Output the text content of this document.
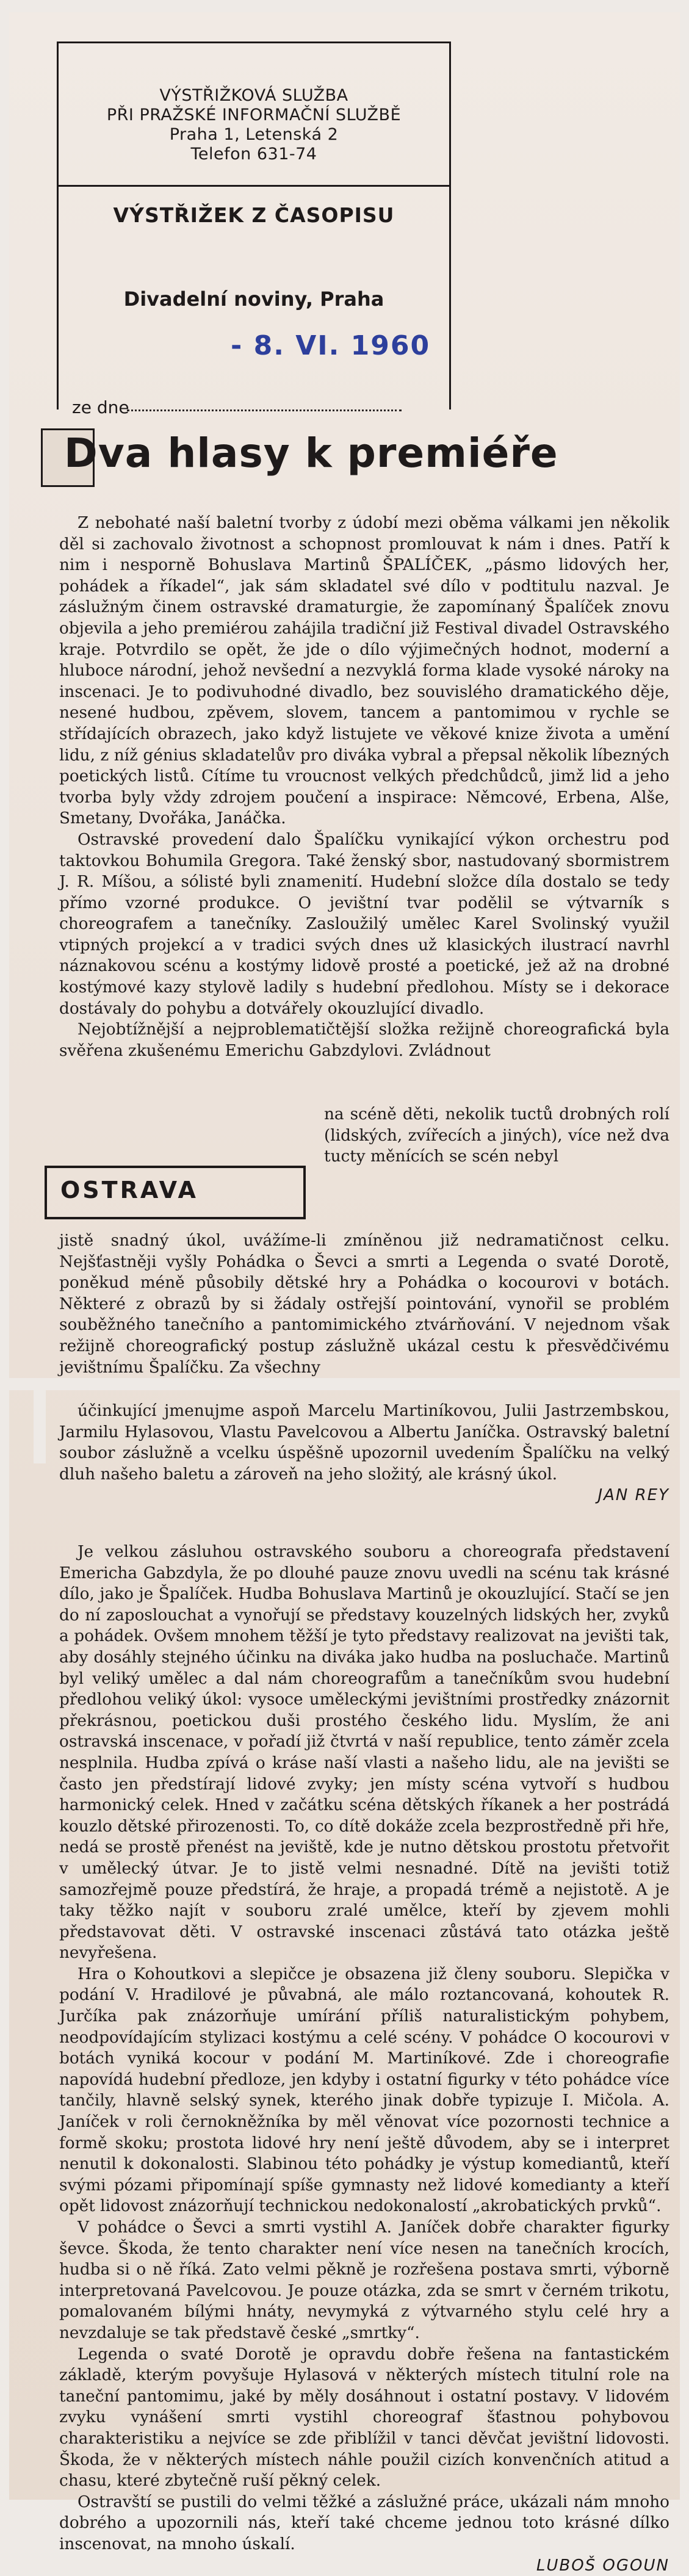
VÝSTŘIŽKOVÁ SLUŽBA
PŘI PRAŽSKÉ INFORMAČNÍ SLUŽBĚ
Praha 1, Letenská 2
Telefon 631-74
VÝSTŘIŽEK Z ČASOPISU
Divadelní noviny, Praha
- 8. VI. 1960
ze dne
Dva hlasy k premiéře

Z nebohaté naší baletní tvorby z údobí mezi oběma válkami jen několik děl si zachovalo životnost a schopnost promlouvat k nám i dnes. Patří k nim i nesporně Bohuslava Martinů ŠPALÍČEK, „pásmo lidových her, pohádek a říkadel“, jak sám skladatel své dílo v podtitulu nazval. Je záslužným činem ostravské dramaturgie, že zapomínaný Špalíček znovu objevila a jeho premiérou zahájila tradiční již Festival divadel Ostravského kraje. Potvrdilo se opět, že jde o dílo výjimečných hodnot, moderní a hluboce národní, jehož nevšední a nezvyklá forma klade vysoké nároky na inscenaci. Je to podivuhodné divadlo, bez souvislého dramatického děje, nesené hudbou, zpěvem, slovem, tancem a pantomimou v rychle se střídajících obrazech, jako když listujete ve věkové knize života a umění lidu, z níž génius skladatelův pro diváka vybral a přepsal několik líbezných poetických listů. Cítíme tu vroucnost velkých předchůdců, jimž lid a jeho tvorba byly vždy zdrojem poučení a inspirace: Němcové, Erbena, Alše, Smetany, Dvořáka, Janáčka.

Ostravské provedení dalo Špalíčku vynikající výkon orchestru pod taktovkou Bohumila Gregora. Také ženský sbor, nastudovaný sbormistrem J. R. Míšou, a sólisté byli znamenití. Hudební složce díla dostalo se tedy přímo vzorné produkce. O jevištní tvar podělil se výtvarník s choreografem a tanečníky. Zasloužilý umělec Karel Svolinský využil vtipných projekcí a v tradici svých dnes už klasických ilustrací navrhl náznakovou scénu a kostýmy lidově prosté a poetické, jež až na drobné kostýmové kazy stylově ladily s hudební předlohou. Místy se i dekorace dostávaly do pohybu a dotvářely okouzlující divadlo.

Nejobtížnější a nejproblematičtější složka režijně choreografická byla svěřena zkušenému Emerichu Gabzdylovi. Zvládnout

OSTRAVA

na scéně děti, nekolik tuctů drobných rolí (lidských, zvířecích a jiných), více než dva tucty měnících se scén nebyl

jistě snadný úkol, uvážíme-li zmíněnou již nedramatičnost celku. Nejšťastněji vyšly Pohádka o Ševci a smrti a Legenda o svaté Dorotě, poněkud méně působily dětské hry a Pohádka o kocourovi v botách. Některé z obrazů by si žádaly ostřejší pointování, vynořil se problém souběžného tanečního a pantomimického ztvárňování. V nejednom však režijně choreografický postup záslužně ukázal cestu k přesvědčivému jevištnímu Špalíčku. Za všechny

účinkující jmenujme aspoň Marcelu Martiníkovou, Julii Jastrzembskou, Jarmilu Hylasovou, Vlastu Pavelcovou a Albertu Janíčka. Ostravský baletní soubor záslužně a vcelku úspěšně upozornil uvedením Špalíčku na velký dluh našeho baletu a zároveň na jeho složitý, ale krásný úkol.

JAN REY

Je velkou zásluhou ostravského souboru a choreografa představení Emericha Gabzdyla, že po dlouhé pauze znovu uvedli na scénu tak krásné dílo, jako je Špalíček. Hudba Bohuslava Martinů je okouzlující. Stačí se jen do ní zaposlouchat a vynořují se představy kouzelných lidských her, zvyků a pohádek. Ovšem mnohem těžší je tyto představy realizovat na jevišti tak, aby dosáhly stejného účinku na diváka jako hudba na posluchače. Martinů byl veliký umělec a dal nám choreografům a tanečníkům svou hudební předlohou veliký úkol: vysoce uměleckými jevištními prostředky znázornit překrásnou, poetickou duši prostého českého lidu. Myslím, že ani ostravská inscenace, v pořadí již čtvrtá v naší republice, tento záměr zcela nesplnila. Hudba zpívá o kráse naší vlasti a našeho lidu, ale na jevišti se často jen předstírají lidové zvyky; jen místy scéna vytvoří s hudbou harmonický celek. Hned v začátku scéna dětských říkanek a her postrádá kouzlo dětské přirozenosti. To, co dítě dokáže zcela bezprostředně při hře, nedá se prostě přenést na jeviště, kde je nutno dětskou prostotu přetvořit v umělecký útvar. Je to jistě velmi nesnadné. Dítě na jevišti totiž samozřejmě pouze předstírá, že hraje, a propadá trémě a nejistotě. A je taky těžko najít v souboru zralé umělce, kteří by zjevem mohli představovat děti. V ostravské inscenaci zůstává tato otázka ještě nevyřešena.

Hra o Kohoutkovi a slepičce je obsazena již členy souboru. Slepička v podání V. Hradilové je půvabná, ale málo roztancovaná, kohoutek R. Jurčíka pak znázorňuje umírání příliš naturalistickým pohybem, neodpovídajícím stylizaci kostýmu a celé scény. V pohádce O kocourovi v botách vyniká kocour v podání M. Martiníkové. Zde i choreografie napovídá hudební předloze, jen kdyby i ostatní figurky v této pohádce více tančily, hlavně selský synek, kterého jinak dobře typizuje I. Mičola. A. Janíček v roli černokněžníka by měl věnovat více pozornosti technice a formě skoku; prostota lidové hry není ještě důvodem, aby se i interpret nenutil k dokonalosti. Slabinou této pohádky je výstup komediantů, kteří svými pózami připomínají spíše gymnasty než lidové komedianty a kteří opět lidovost znázorňují technickou nedokonalostí „akrobatických prvků“.

V pohádce o Ševci a smrti vystihl A. Janíček dobře charakter figurky ševce. Škoda, že tento charakter není více nesen na tanečních krocích, hudba si o ně říká. Zato velmi pěkně je rozřešena postava smrti, výborně interpretovaná Pavelcovou. Je pouze otázka, zda se smrt v černém trikotu, pomalovaném bílými hnáty, nevymyká z výtvarného stylu celé hry a nevzdaluje se tak představě české „smrtky“.

Legenda o svaté Dorotě je opravdu dobře řešena na fantastickém základě, kterým povyšuje Hylasová v některých místech titulní role na taneční pantomimu, jaké by měly dosáhnout i ostatní postavy. V lidovém zvyku vynášení smrti vystihl choreograf šťastnou pohybovou charakteristiku a nejvíce se zde přiblížil v tanci děvčat jevištní lidovosti. Škoda, že v některých místech náhle použil cizích konvenčních atitud a chasu, které zbytečně ruší pěkný celek.

Ostravští se pustili do velmi těžké a záslužné práce, ukázali nám mnoho dobrého a upozornili nás, kteří také chceme jednou toto krásné dílko inscenovat, na mnoho úskalí.

LUBOŠ OGOUN
